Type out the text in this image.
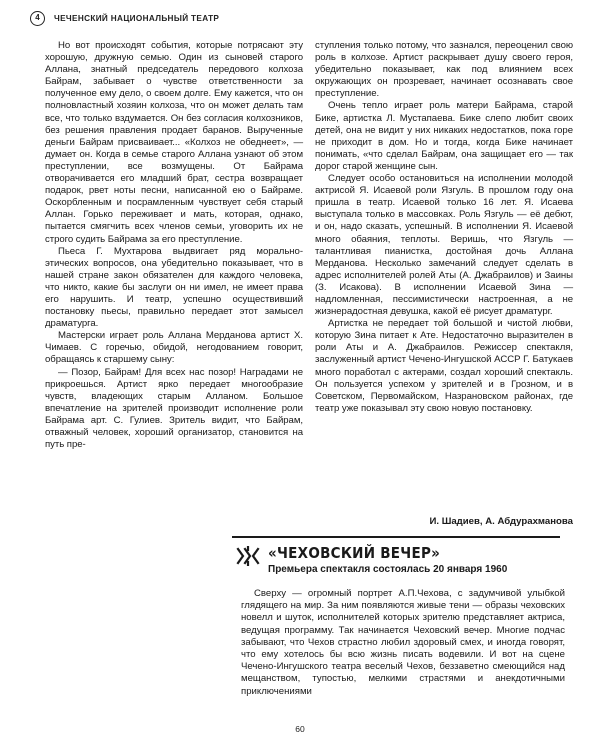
4	ЧЕЧЕНСКИЙ НАЦИОНАЛЬНЫЙ ТЕАТР

Но вот происходят события, которые потрясают эту хорошую, дружную семью. Один из сыновей старого Аллана, знатный председатель передового колхоза Байрам, забывает о чувстве ответственности за полученное ему дело, о своем долге. Ему кажется, что он полновластный хозяин колхоза, что он может делать там все, что только вздумается. Он без согласия колхозников, без решения правления продает баранов. Вырученные деньги Байрам присваивает... «Колхоз не обеднеет», — думает он. Когда в семье старого Аллана узнают об этом преступлении, все возмущены. От Байрама отворачивается его младший брат, сестра возвращает подарок, рвет ноты песни, написанной ею о Байраме. Оскорбленным и посрамленным чувствует себя старый Аллан. Горько переживает и мать, которая, однако, пытается смягчить всех членов семьи, уговорить их не строго судить Байрама за его преступление.

Пьеса Г. Мухтарова выдвигает ряд морально-этических вопросов, она убедительно показывает, что в нашей стране закон обязателен для каждого человека, что никто, какие бы заслуги он ни имел, не имеет права его нарушить. И театр, успешно осуществивший постановку пьесы, правильно передает этот замысел драматурга.

Мастерски играет роль Аллана Мердановa артист Х. Чимаев. С горечью, обидой, негодованием говорит, обращаясь к старшему сыну:

— Позор, Байрам! Для всех нас позор! Наградами не прикроешься. Артист ярко передает многообразие чувств, владеющих старым Алланом. Большое впечатление на зрителей производит исполнение роли Байрама арт. С. Гулиев. Зритель видит, что Байрам, отважный человек, хороший организатор, становится на путь пре-

ступления только потому, что зазнался, переоценил свою роль в колхозе. Артист раскрывает душу своего героя, убедительно показывает, как под влиянием всех окружающих он прозревает, начинает осознавать свое преступление.

Очень тепло играет роль матери Байрама, старой Бике, артистка Л. Мустапаева. Бике слепо любит своих детей, она не видит у них никаких недостатков, пока горе не приходит в дом. Но и тогда, когда Бике начинает понимать, «что сделал Байрам, она защищает его — так дорог старой женщине сын.

Следует особо остановиться на исполнении молодой актрисой Я. Исаевой роли Язгуль. В прошлом году она пришла в театр. Исаевой только 16 лет. Я. Исаева выступала только в массовках. Роль Язгуль — её дебют, и он, надо сказать, успешный. В исполнении Я. Исаевой много обаяния, теплоты. Веришь, что Язгуль — талантливая пианистка, достойная дочь Аллана Мердановa. Несколько замечаний следует сделать в адрес исполнителей ролей Аты (А. Джабраилов) и Заины (З. Исакова). В исполнении Исаевой Зина — надломленная, пессимистически настроенная, а не жизнерадостная девушка, какой её рисует драматург.

Артистка не передает той большой и чистой любви, которую Зина питает к Ате. Недостаточно выразителен в роли Аты и А. Джабраилов. Режиссер спектакля, заслуженный артист Чечено-Ингушской АССР Г. Батукаев много поработал с актерами, создал хороший спектакль. Он пользуется успехом у зрителей и в Грозном, и в Советском, Первомайском, Назрановском районах, где театр уже показывал эту свою новую постановку.

И. Шадиев, А. Абдурахманова
«ЧЕХОВСКИЙ ВЕЧЕР»
Премьера спектакля состоялась 20 января 1960

Сверху — огромный портрет А.П.Чехова, с задумчивой улыбкой глядящего на мир. За ним появляются живые тени — образы чеховских новелл и шуток, исполнителей которых зрителю представляет актриса, ведущая программу. Так начинается Чеховский вечер. Многие подчас забывают, что Чехов страстно любил здоровый смех, и иногда говорят, что ему хотелось бы всю жизнь писать водевили. И вот на сцене Чечено-Ингушского театра веселый Чехов, беззаветно смеющийся над мещанством, тупостью, мелкими страстями и анекдотичными приключениями

60
